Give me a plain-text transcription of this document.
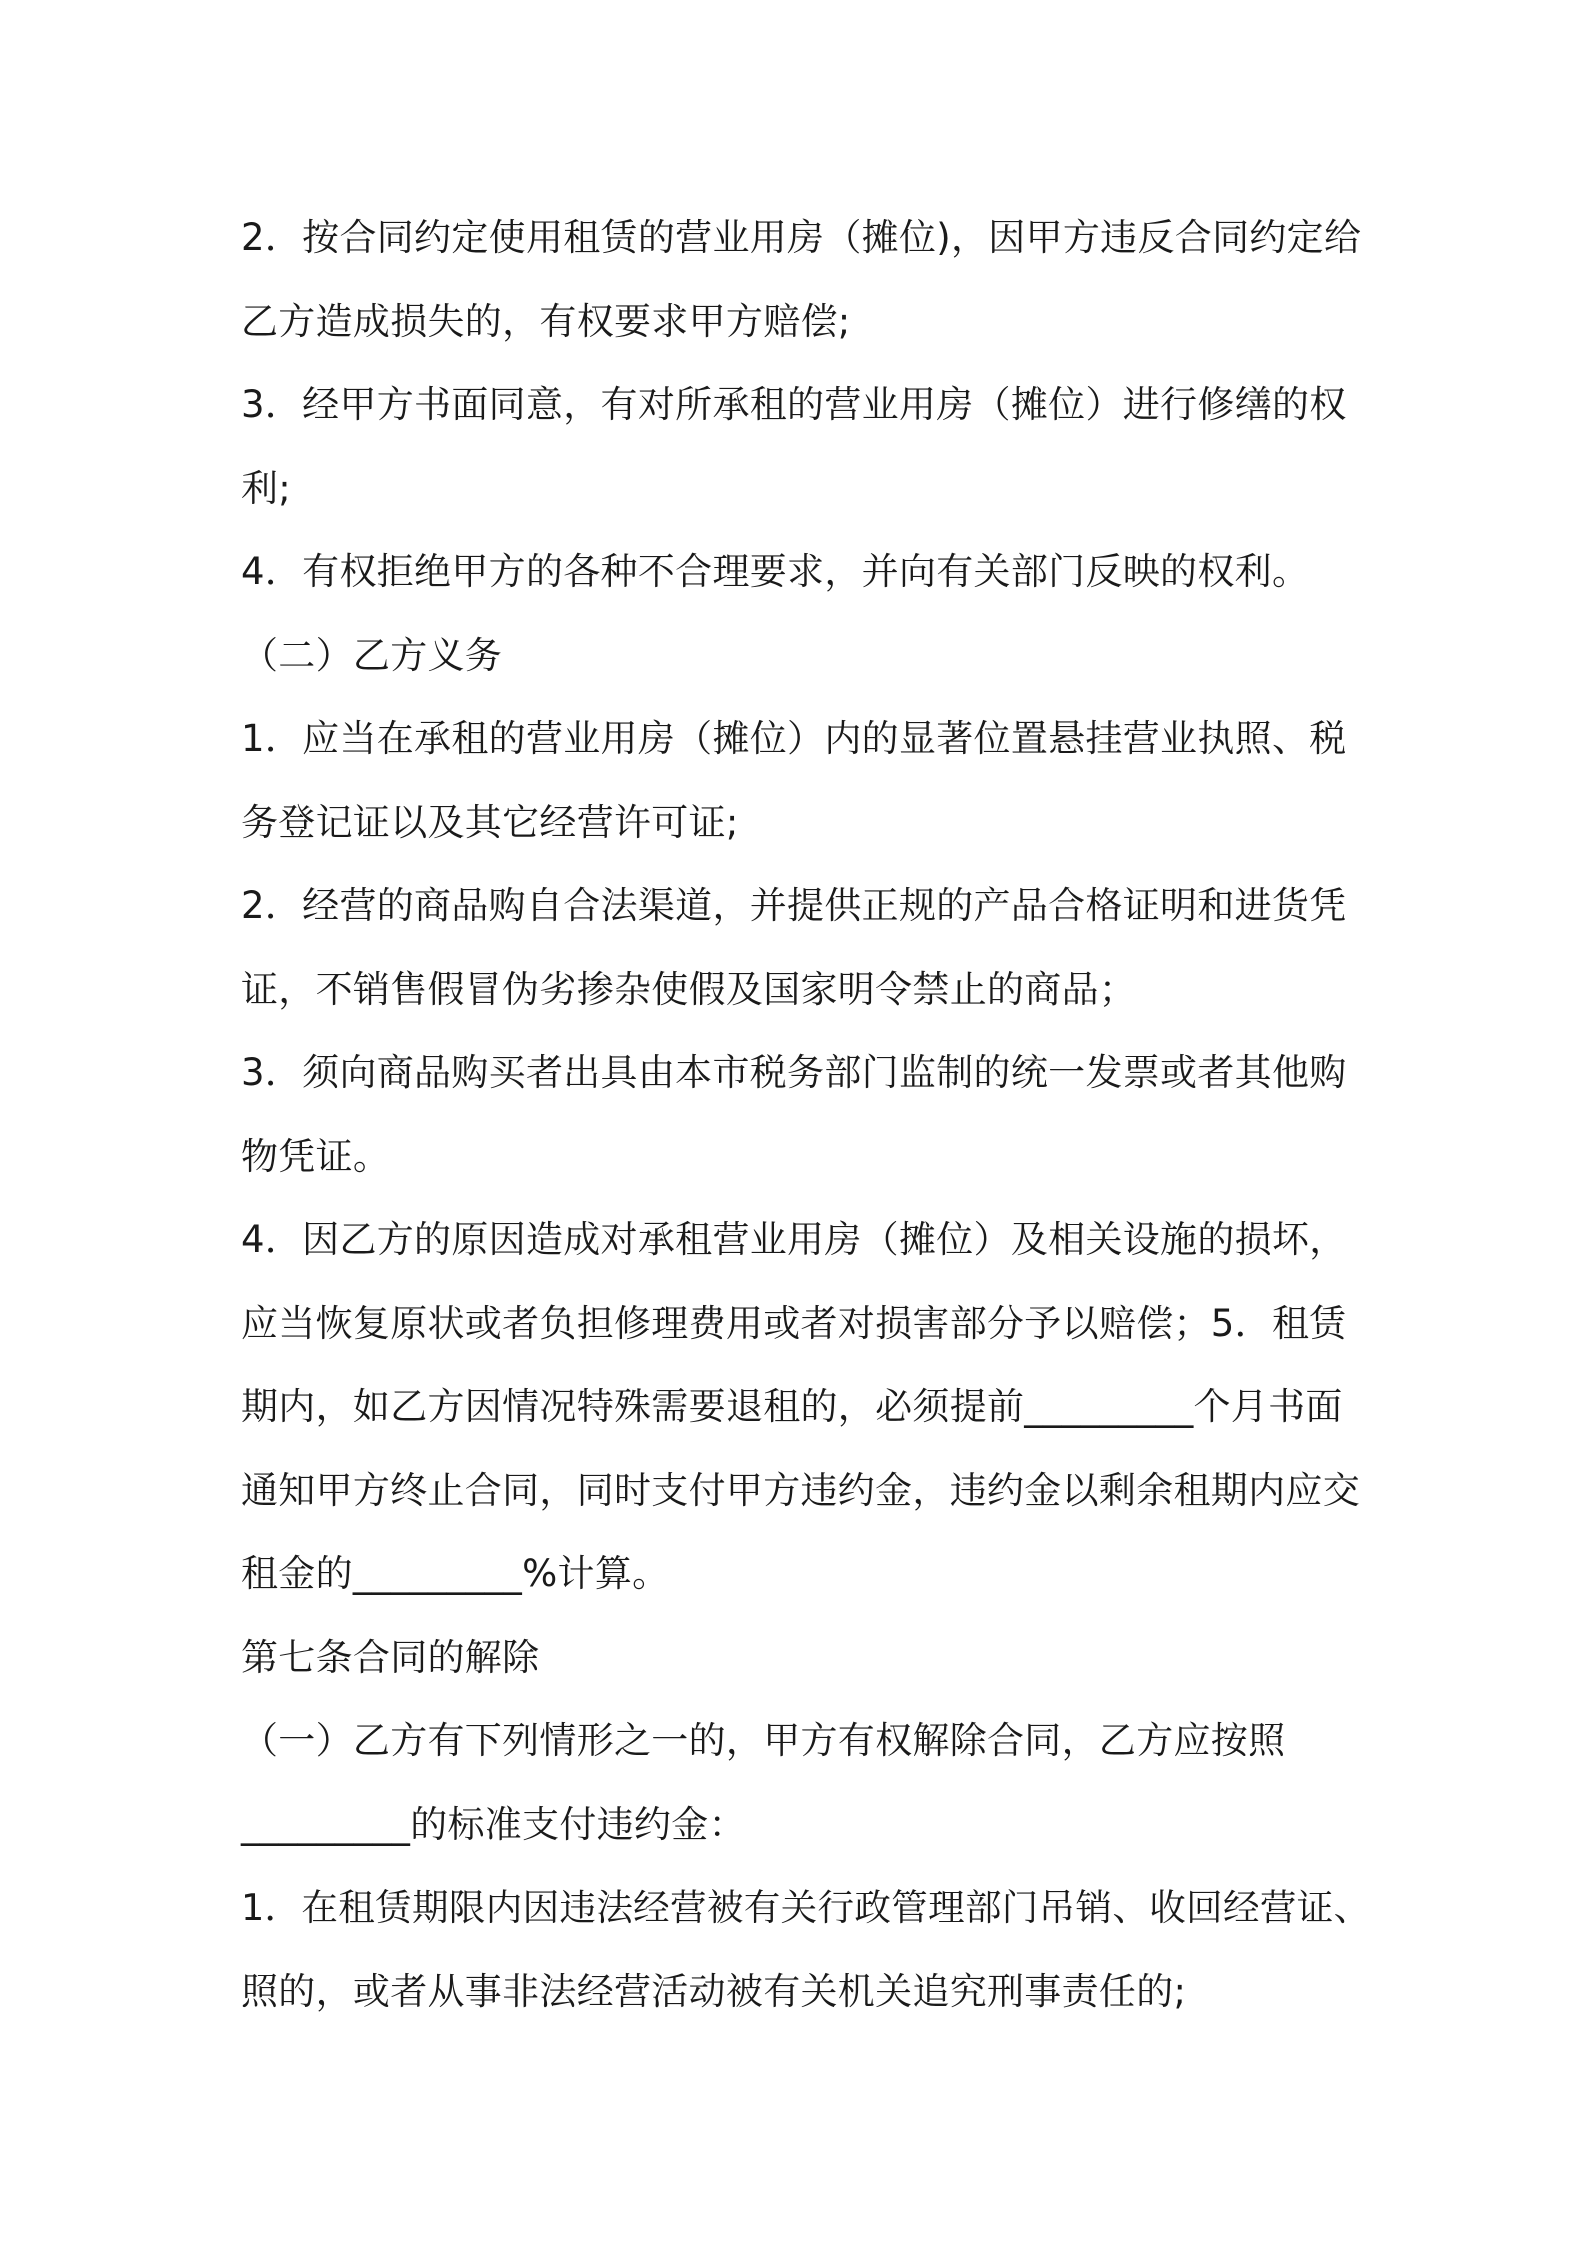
2．按合同约定使用租赁的营业用房（摊位)，因甲方违反合同约定给
乙方造成损失的，有权要求甲方赔偿;
3．经甲方书面同意，有对所承租的营业用房（摊位）进行修缮的权
利;
4．有权拒绝甲方的各种不合理要求，并向有关部门反映的权利。
（二）乙方义务
1．应当在承租的营业用房（摊位）内的显著位置悬挂营业执照、税
务登记证以及其它经营许可证;
2．经营的商品购自合法渠道，并提供正规的产品合格证明和进货凭
证，不销售假冒伪劣掺杂使假及国家明令禁止的商品；
3．须向商品购买者出具由本市税务部门监制的统一发票或者其他购
物凭证。
4．因乙方的原因造成对承租营业用房（摊位）及相关设施的损坏，
应当恢复原状或者负担修理费用或者对损害部分予以赔偿；5．租赁
期内，如乙方因情况特殊需要退租的，必须提前_________个月书面
通知甲方终止合同，同时支付甲方违约金，违约金以剩余租期内应交
租金的_________%计算。
第七条合同的解除
（一）乙方有下列情形之一的，甲方有权解除合同，乙方应按照
_________的标准支付违约金：
1．在租赁期限内因违法经营被有关行政管理部门吊销、收回经营证、
照的，或者从事非法经营活动被有关机关追究刑事责任的;
